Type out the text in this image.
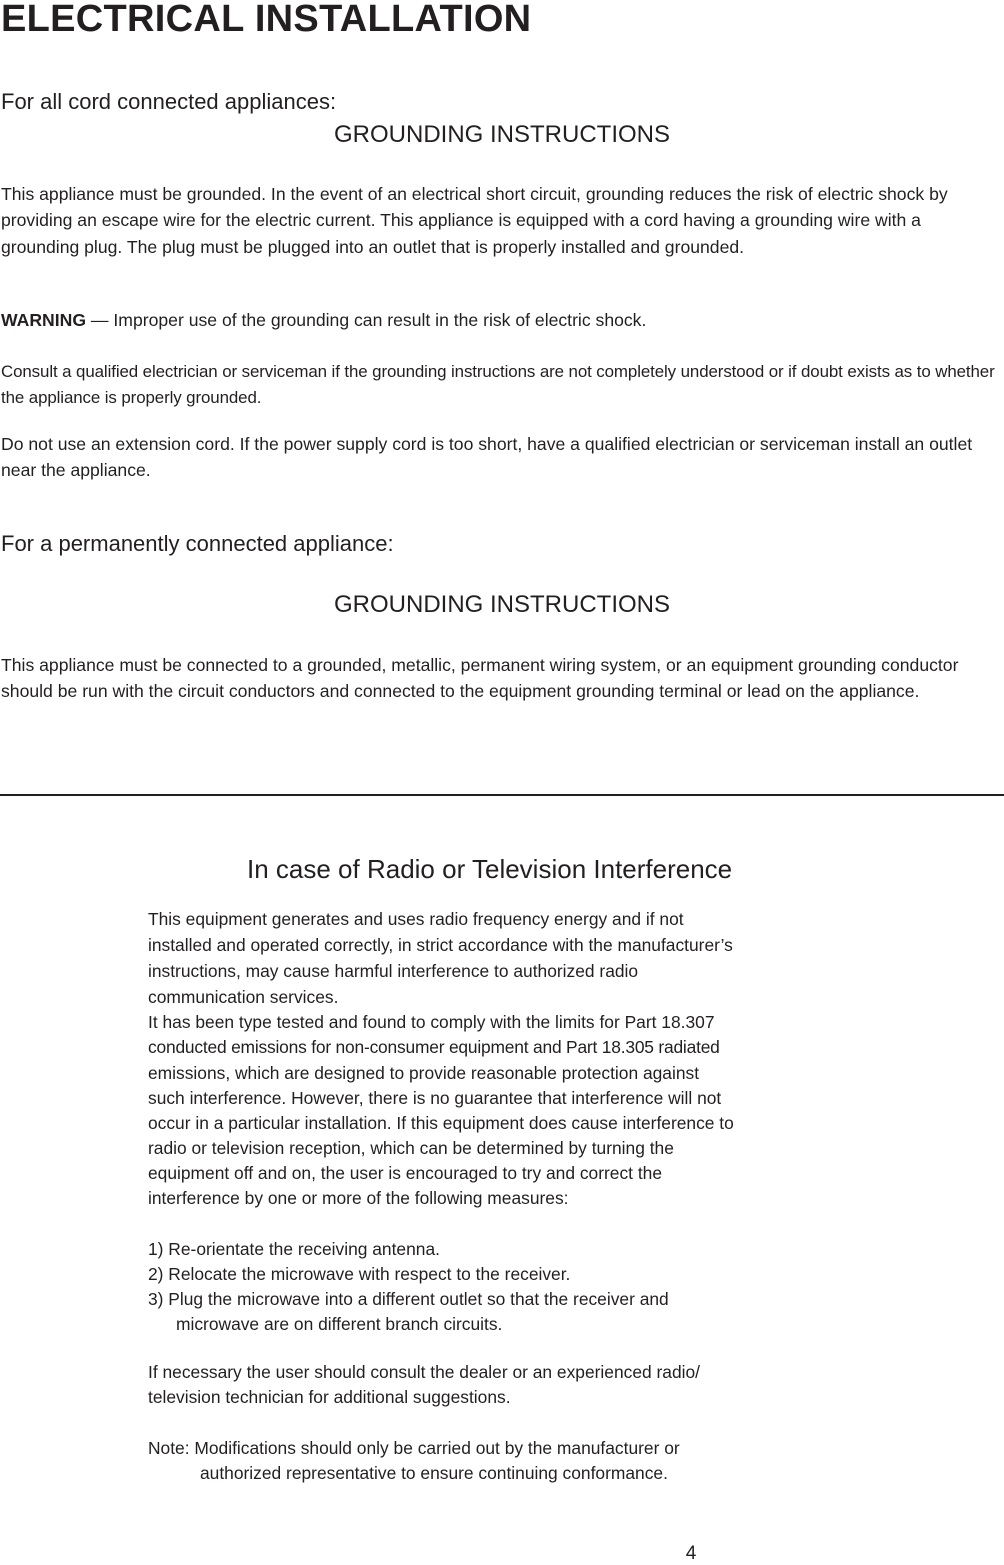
ELECTRICAL INSTALLATION

For all cord connected appliances:

GROUNDING INSTRUCTIONS

This appliance must be grounded. In the event of an electrical short circuit, grounding reduces the risk of electric shock by providing an escape wire for the electric current. This appliance is equipped with a cord having a grounding wire with a grounding plug. The plug must be plugged into an outlet that is properly installed and grounded.

WARNING — Improper use of the grounding can result in the risk of electric shock.

Consult a qualified electrician or serviceman if the grounding instructions are not completely understood or if doubt exists as to whether the appliance is properly grounded.

Do not use an extension cord. If the power supply cord is too short, have a qualified electrician or serviceman install an outlet near the appliance.

For a permanently connected appliance:

GROUNDING INSTRUCTIONS

This appliance must be connected to a grounded, metallic, permanent wiring system, or an equipment grounding conductor should be run with the circuit conductors and connected to the equipment grounding terminal or lead on the appliance.

In case of Radio or Television Interference

This equipment generates and uses radio frequency energy and if not

installed and operated correctly, in strict accordance with the manufacturer’s

instructions, may cause harmful interference to authorized radio

communication services.

It has been type tested and found to comply with the limits for Part 18.307

conducted emissions for non-consumer equipment and Part 18.305 radiated

emissions, which are designed to provide reasonable protection against

such interference. However, there is no guarantee that interference will not

occur in a particular installation. If this equipment does cause interference to

radio or television reception, which can be determined by turning the

equipment off and on, the user is encouraged to try and correct the

interference by one or more of the following measures:

1) Re-orientate the receiving antenna.

2) Relocate the microwave with respect to the receiver.

3) Plug the microwave into a different outlet so that the receiver and

microwave are on different branch circuits.

If necessary the user should consult the dealer or an experienced radio/

television technician for additional suggestions.

Note: Modifications should only be carried out by the manufacturer or

authorized representative to ensure continuing conformance.

4
